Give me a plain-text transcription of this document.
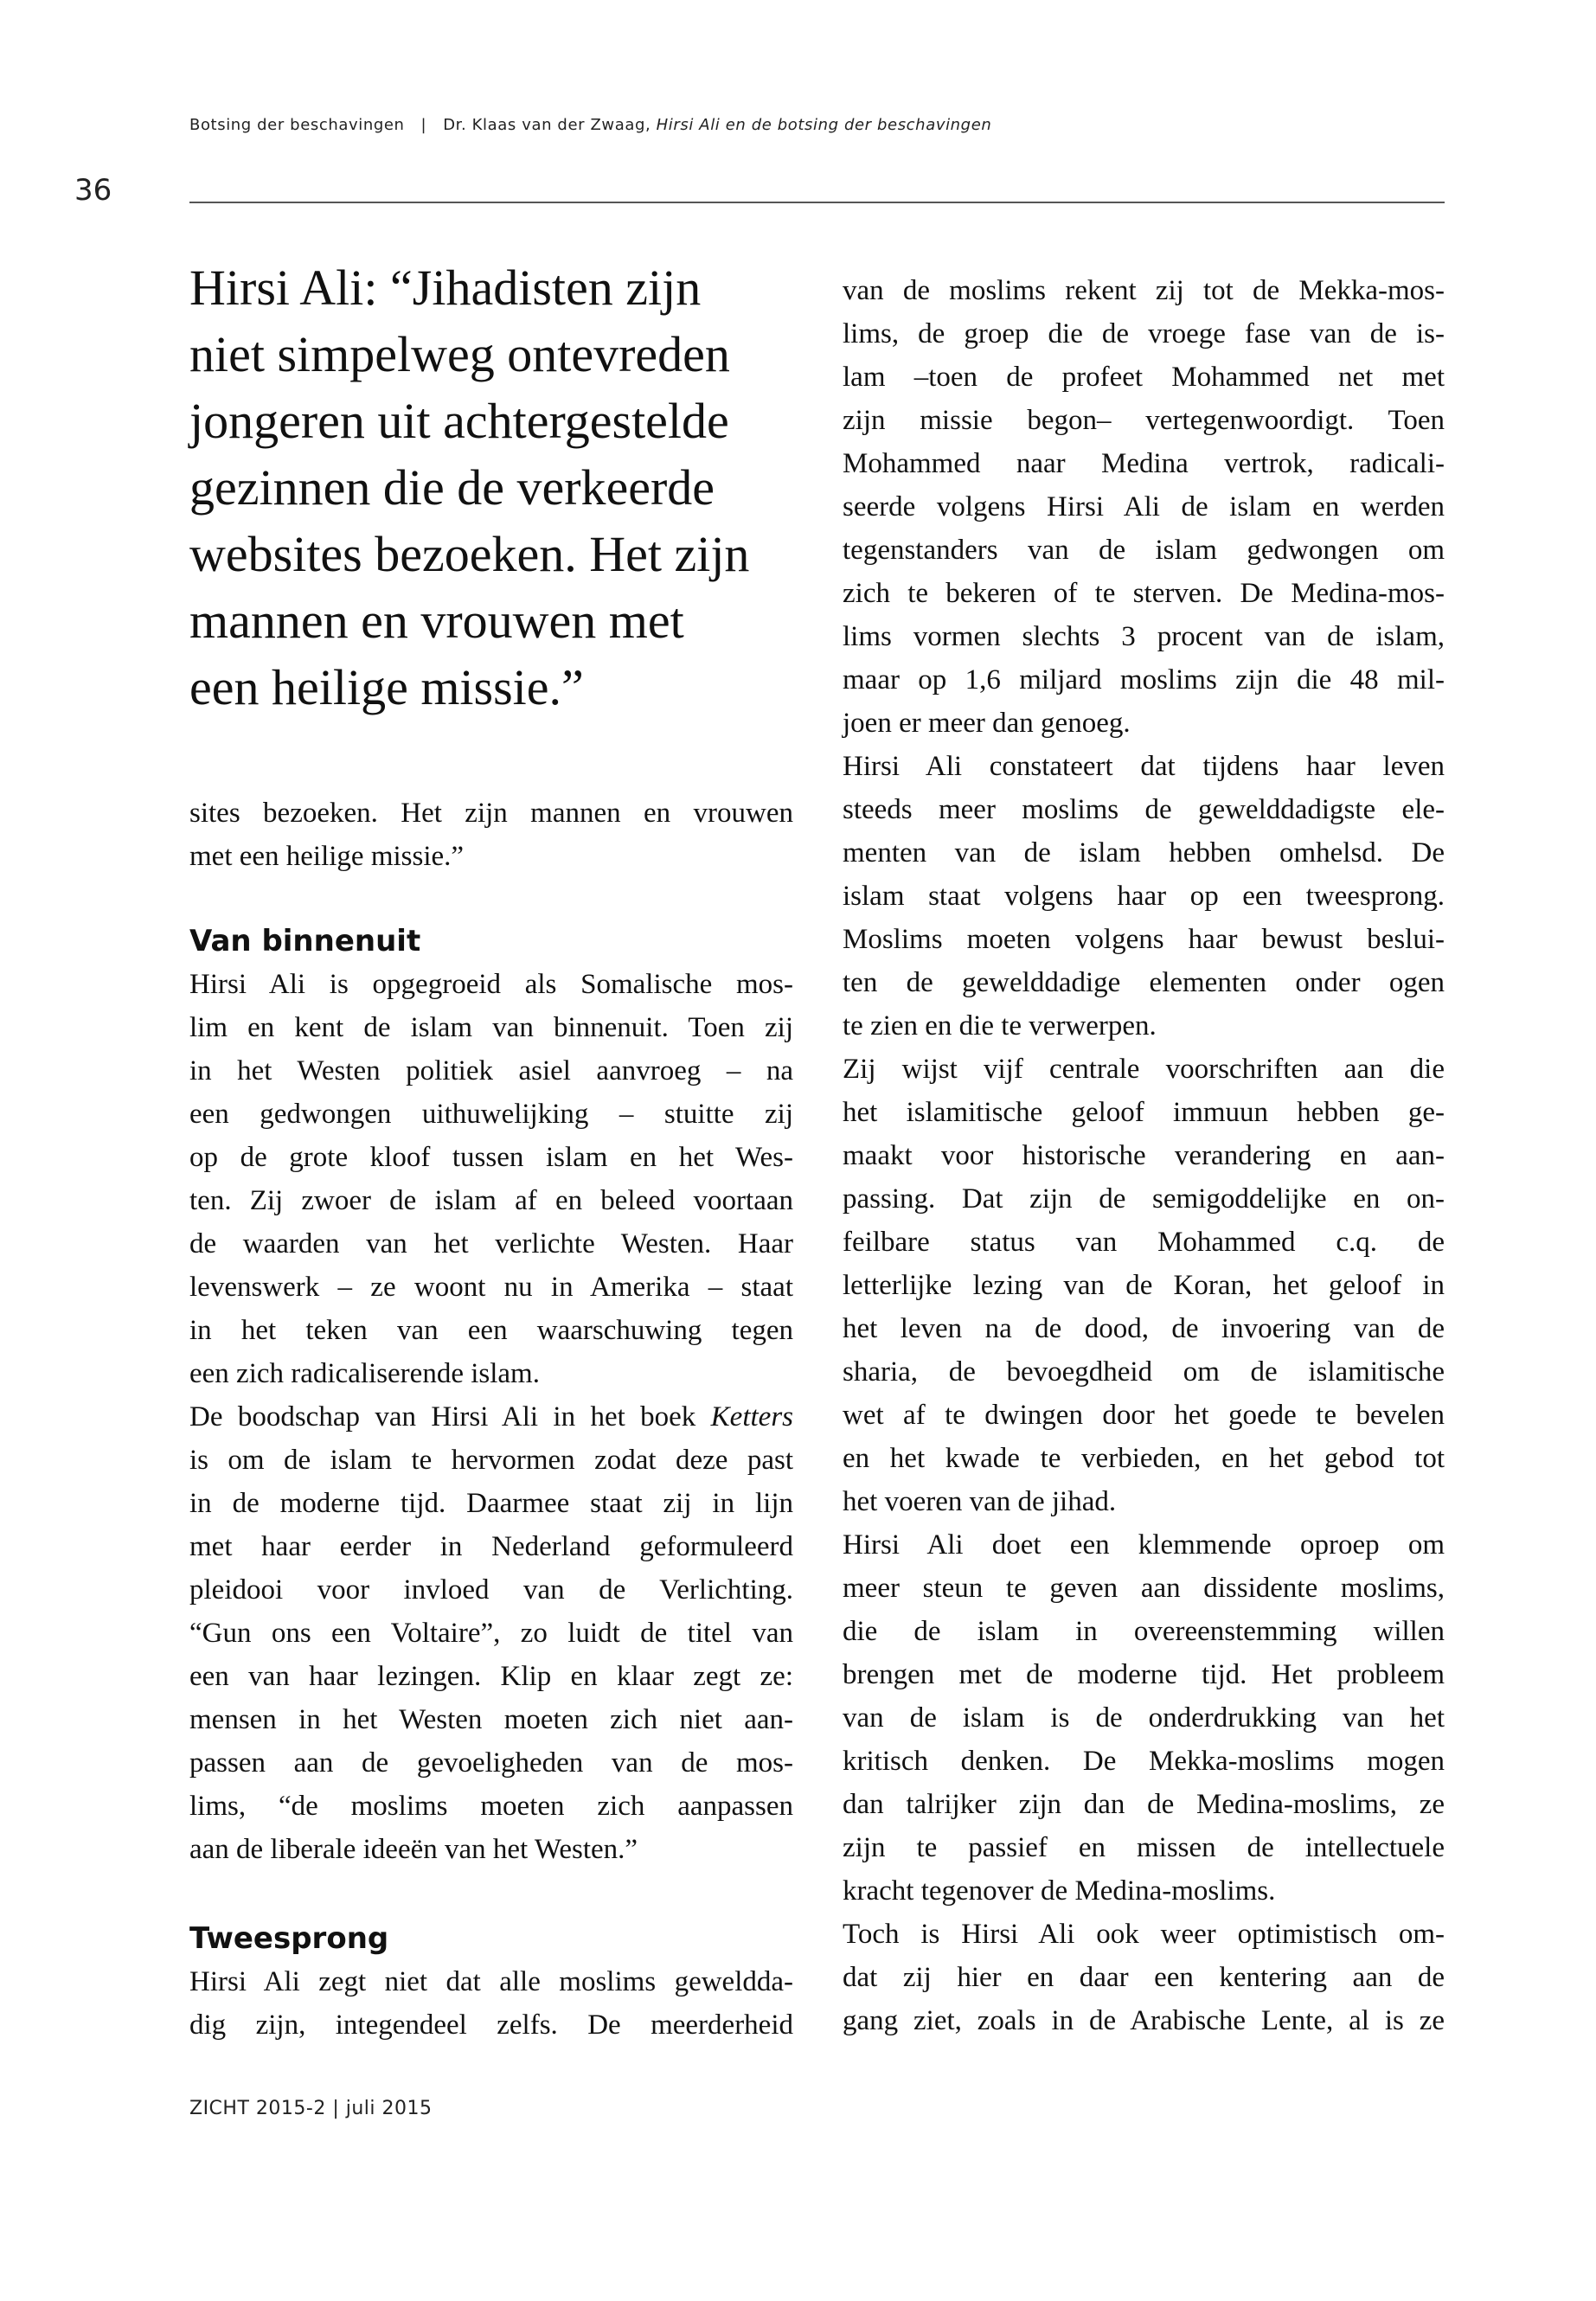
Botsing der beschavingen | Dr. Klaas van der Zwaag, Hirsi Ali en de botsing der beschavingen
36
Hirsi Ali: “Jihadisten zijn
niet simpelweg ontevreden
jongeren uit achtergestelde
gezinnen die de verkeerde
websites bezoeken. Het zijn
mannen en vrouwen met
een heilige missie.”
sites bezoeken. Het zijn mannen en vrouwen
met een heilige missie.”
Van binnenuit
Hirsi Ali is opgegroeid als Somalische mos-
lim en kent de islam van binnenuit. Toen zij
in het Westen politiek asiel aanvroeg – na
een gedwongen uithuwelijking – stuitte zij
op de grote kloof tussen islam en het Wes-
ten. Zij zwoer de islam af en beleed voortaan
de waarden van het verlichte Westen. Haar
levenswerk – ze woont nu in Amerika – staat
in het teken van een waarschuwing tegen
een zich radicaliserende islam.
De boodschap van Hirsi Ali in het boek Ketters
is om de islam te hervormen zodat deze past
in de moderne tijd. Daarmee staat zij in lijn
met haar eerder in Nederland geformuleerd
pleidooi voor invloed van de Verlichting.
“Gun ons een Voltaire”, zo luidt de titel van
een van haar lezingen. Klip en klaar zegt ze:
mensen in het Westen moeten zich niet aan-
passen aan de gevoeligheden van de mos-
lims, “de moslims moeten zich aanpassen
aan de liberale ideeën van het Westen.”
Tweesprong
Hirsi Ali zegt niet dat alle moslims geweldda-
dig zijn, integendeel zelfs. De meerderheid
van de moslims rekent zij tot de Mekka-mos-
lims, de groep die de vroege fase van de is-
lam –toen de profeet Mohammed net met
zijn missie begon– vertegenwoordigt. Toen
Mohammed naar Medina vertrok, radicali-
seerde volgens Hirsi Ali de islam en werden
tegenstanders van de islam gedwongen om
zich te bekeren of te sterven. De Medina-mos-
lims vormen slechts 3 procent van de islam,
maar op 1,6 miljard moslims zijn die 48 mil-
joen er meer dan genoeg.
Hirsi Ali constateert dat tijdens haar leven
steeds meer moslims de gewelddadigste ele-
menten van de islam hebben omhelsd. De
islam staat volgens haar op een tweesprong.
Moslims moeten volgens haar bewust beslui-
ten de gewelddadige elementen onder ogen
te zien en die te verwerpen.
Zij wijst vijf centrale voorschriften aan die
het islamitische geloof immuun hebben ge-
maakt voor historische verandering en aan-
passing. Dat zijn de semigoddelijke en on-
feilbare status van Mohammed c.q. de
letterlijke lezing van de Koran, het geloof in
het leven na de dood, de invoering van de
sharia, de bevoegdheid om de islamitische
wet af te dwingen door het goede te bevelen
en het kwade te verbieden, en het gebod tot
het voeren van de jihad.
Hirsi Ali doet een klemmende oproep om
meer steun te geven aan dissidente moslims,
die de islam in overeenstemming willen
brengen met de moderne tijd. Het probleem
van de islam is de onderdrukking van het
kritisch denken. De Mekka-moslims mogen
dan talrijker zijn dan de Medina-moslims, ze
zijn te passief en missen de intellectuele
kracht tegenover de Medina-moslims.
Toch is Hirsi Ali ook weer optimistisch om-
dat zij hier en daar een kentering aan de
gang ziet, zoals in de Arabische Lente, al is ze
ZICHT 2015-2 | juli 2015
